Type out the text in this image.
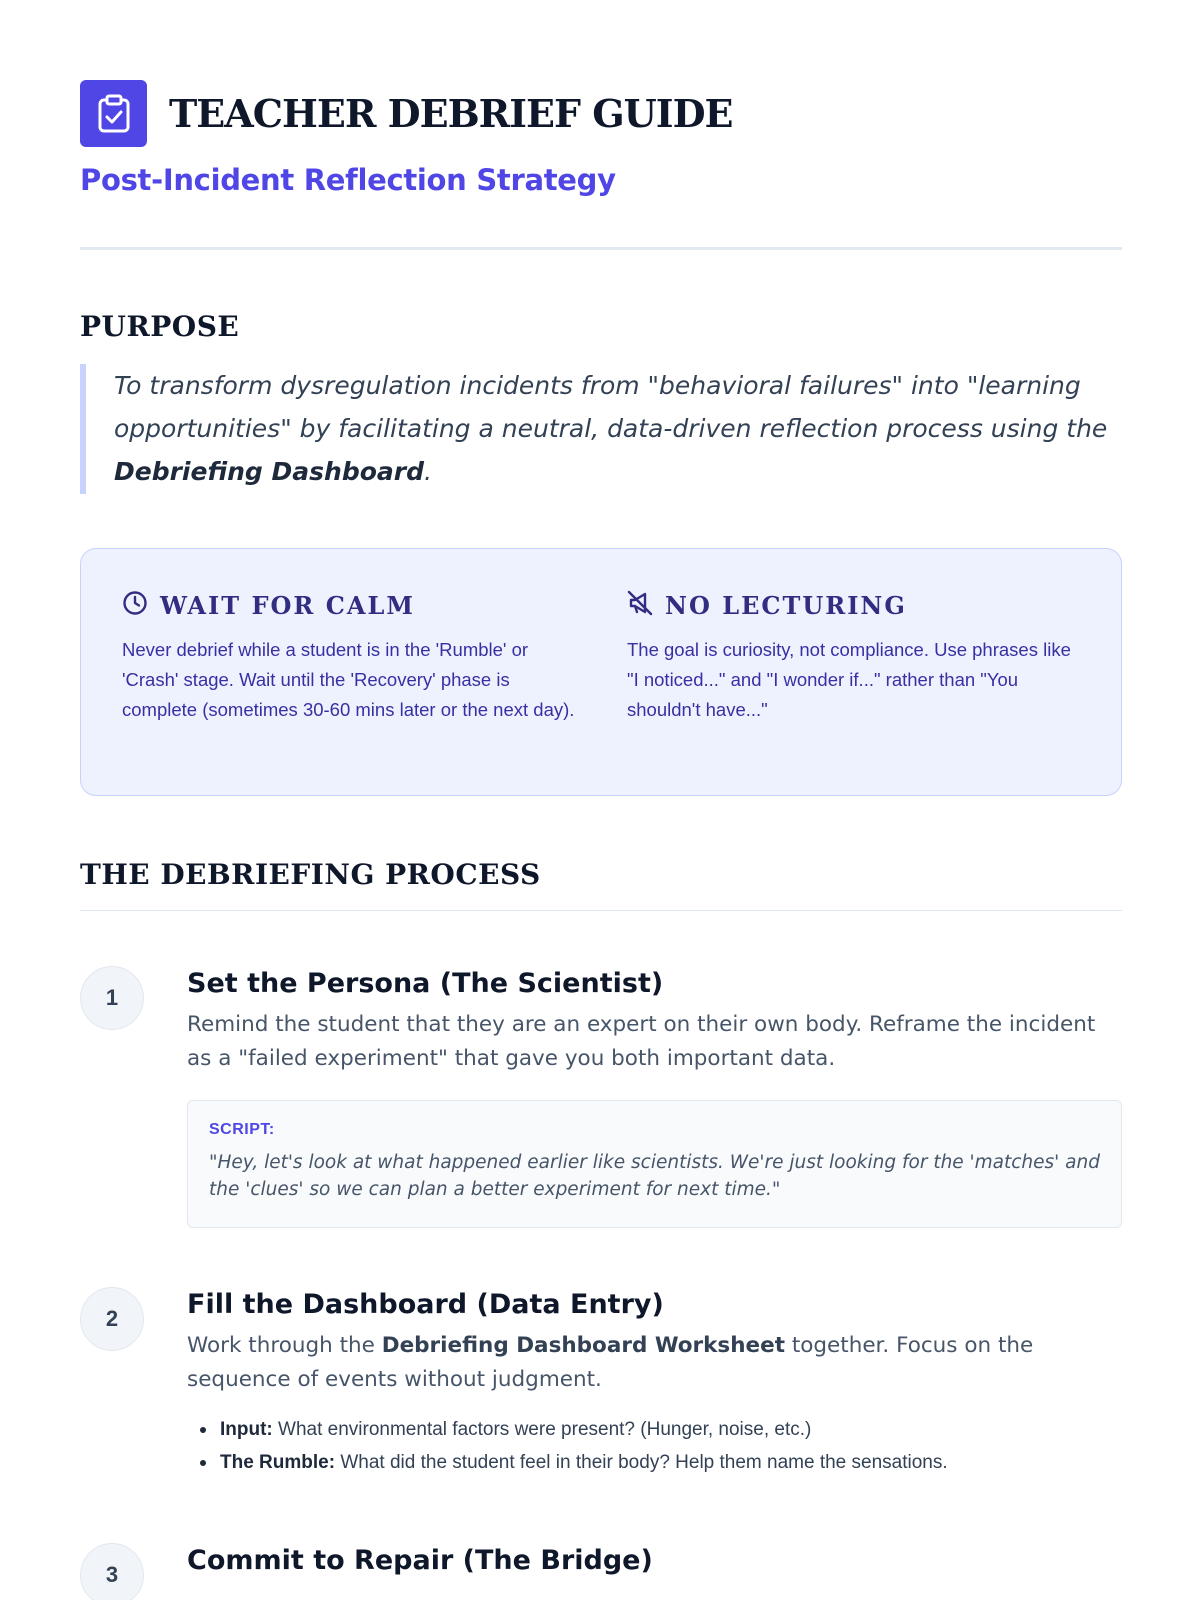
TEACHER DEBRIEF GUIDE
Post-Incident Reflection Strategy
PURPOSE
To transform dysregulation incidents from "behavioral failures" into "learning opportunities" by facilitating a neutral, data-driven reflection process using the Debriefing Dashboard.
WAIT FOR CALM
Never debrief while a student is in the 'Rumble' or 'Crash' stage. Wait until the 'Recovery' phase is complete (sometimes 30-60 mins later or the next day).
NO LECTURING
The goal is curiosity, not compliance. Use phrases like "I noticed..." and "I wonder if..." rather than "You shouldn't have..."
THE DEBRIEFING PROCESS
1	Set the Persona (The Scientist)
Remind the student that they are an expert on their own body. Reframe the incident as a "failed experiment" that gave you both important data.
SCRIPT:
"Hey, let's look at what happened earlier like scientists. We're just looking for the 'matches' and the 'clues' so we can plan a better experiment for next time."
2	Fill the Dashboard (Data Entry)
Work through the Debriefing Dashboard Worksheet together. Focus on the sequence of events without judgment.
Input: What environmental factors were present? (Hunger, noise, etc.)
The Rumble: What did the student feel in their body? Help them name the sensations.
3	Commit to Repair (The Bridge)
